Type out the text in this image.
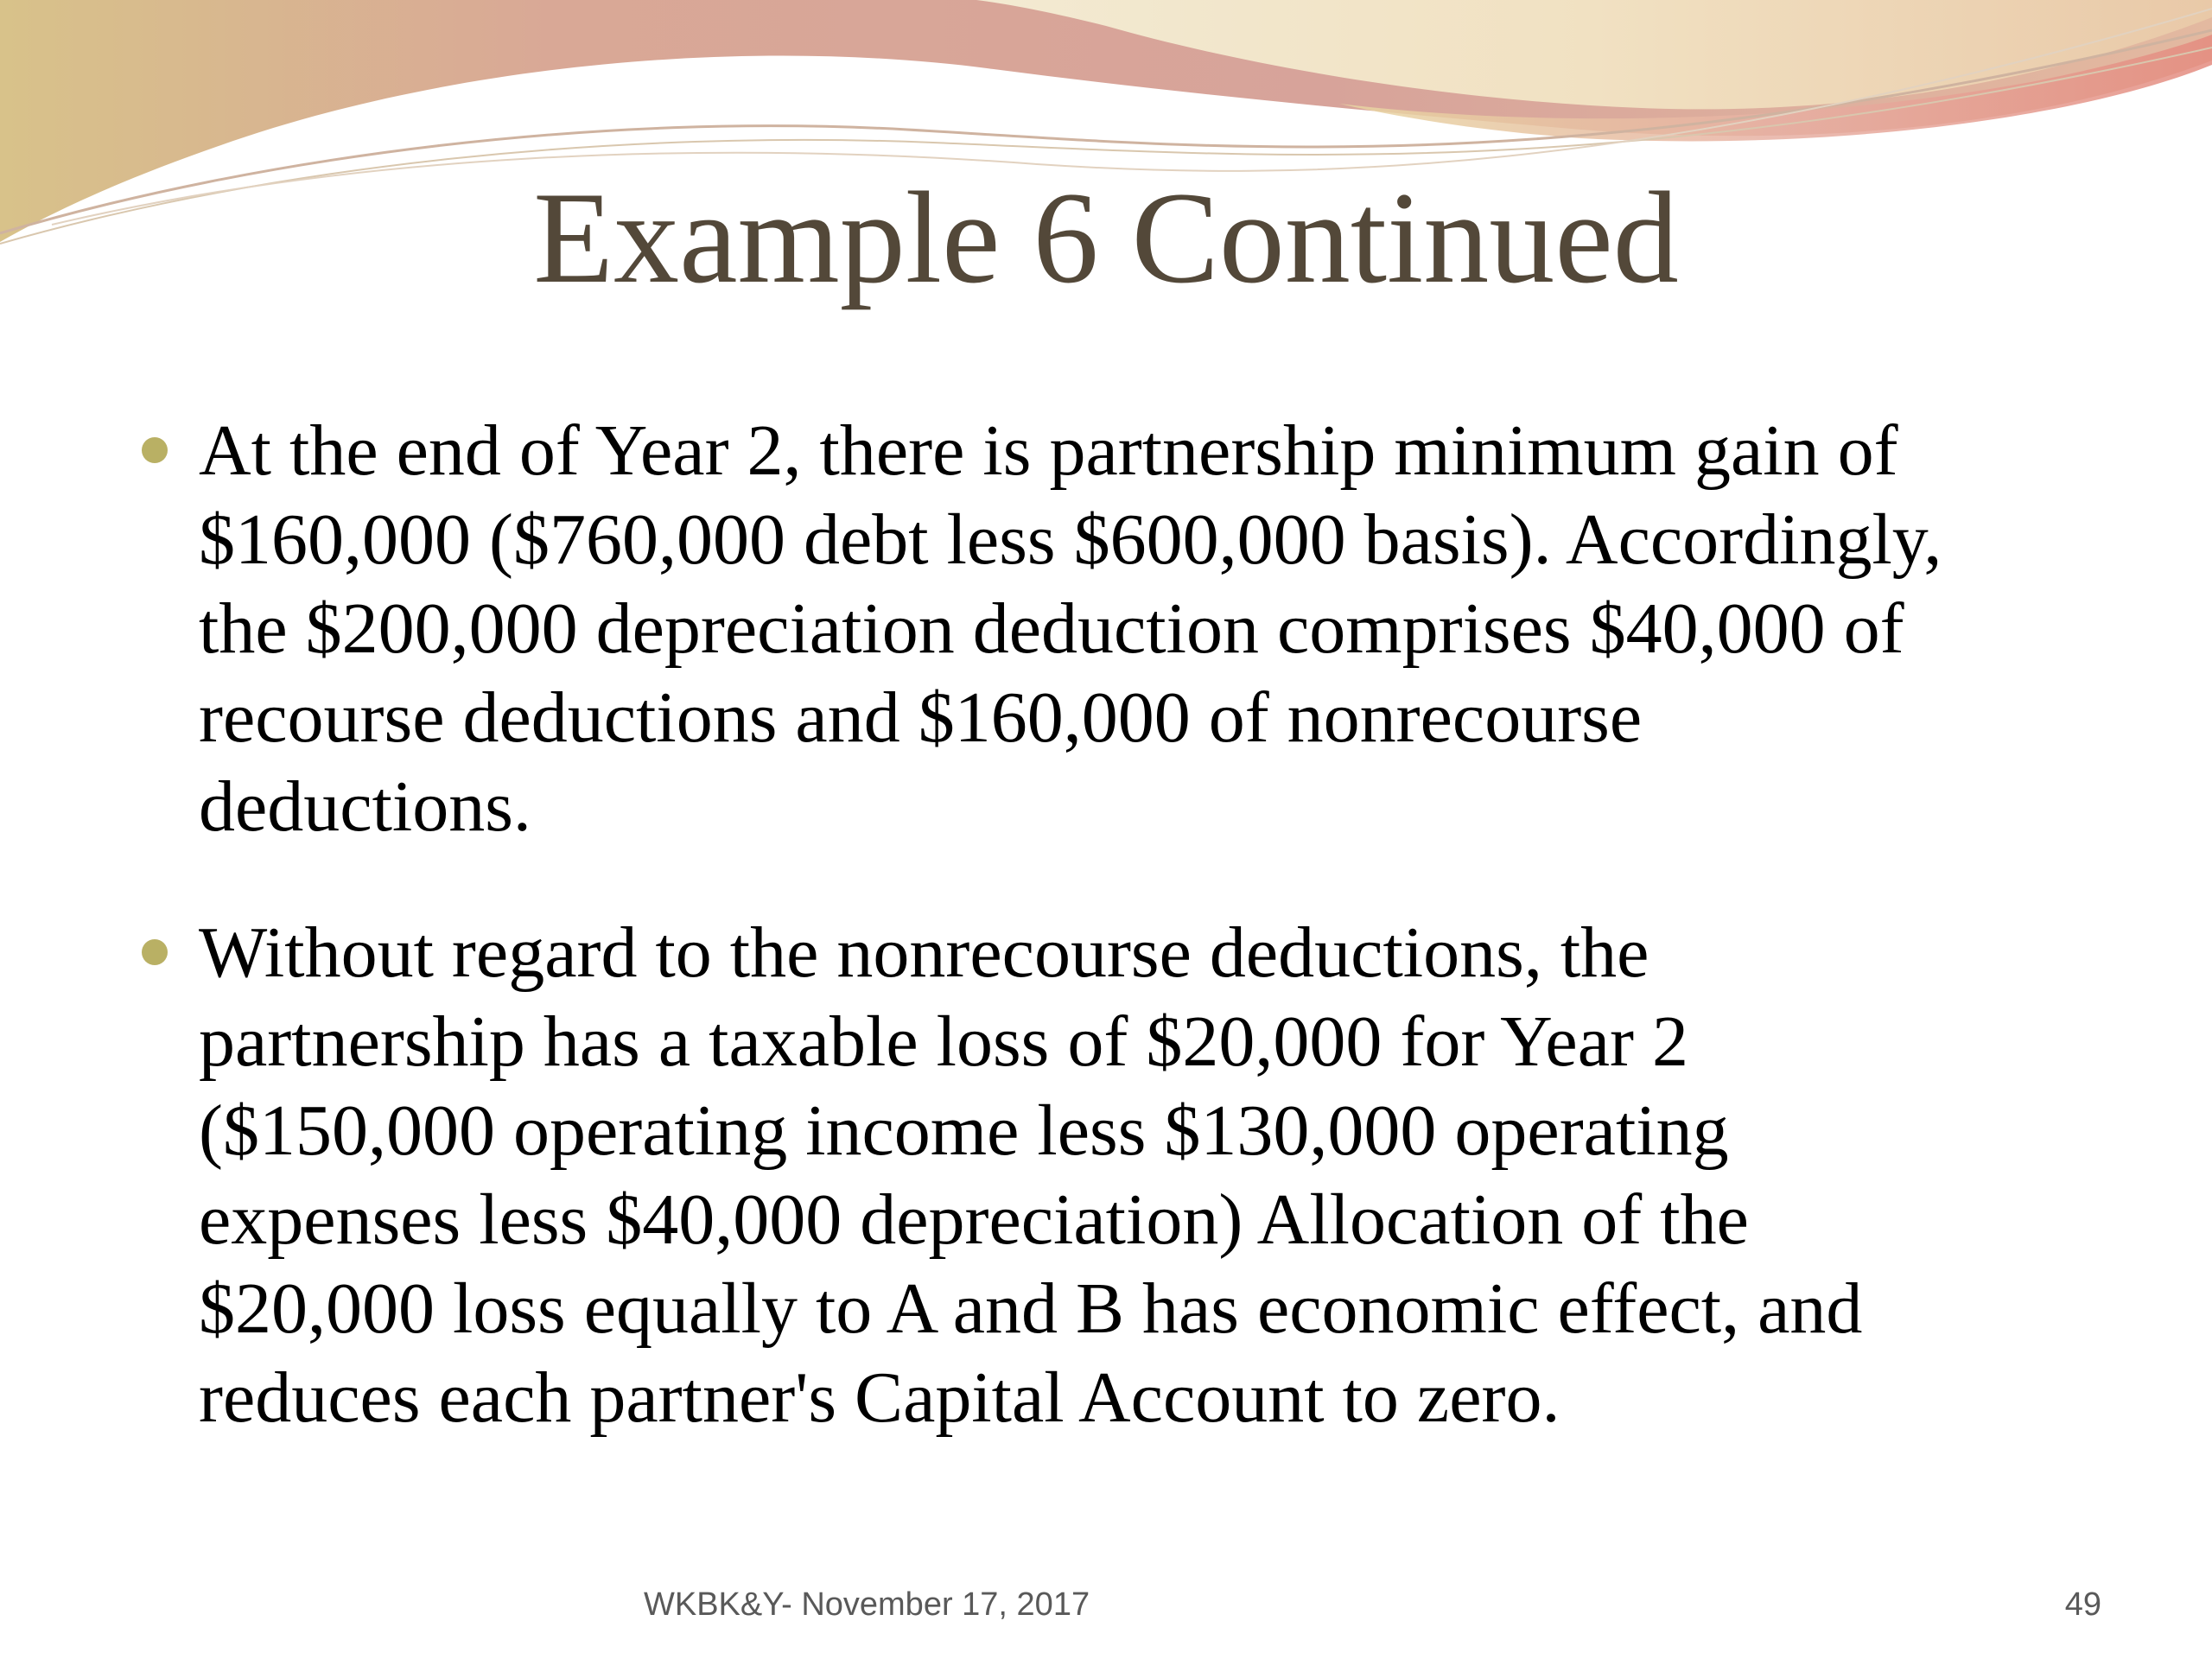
Example 6 Continued
At the end of Year 2, there is partnership minimum gain of
$160,000 ($760,000 debt less $600,000 basis). Accordingly,
the $200,000 depreciation deduction comprises $40,000 of
recourse deductions and $160,000 of nonrecourse
deductions.
Without regard to the nonrecourse deductions, the
partnership has a taxable loss of $20,000 for Year 2
($150,000 operating income less $130,000 operating
expenses less $40,000 depreciation) Allocation of the
$20,000 loss equally to A and B has economic effect, and
reduces each partner's Capital Account to zero.
WKBK&Y- November 17, 2017	49
